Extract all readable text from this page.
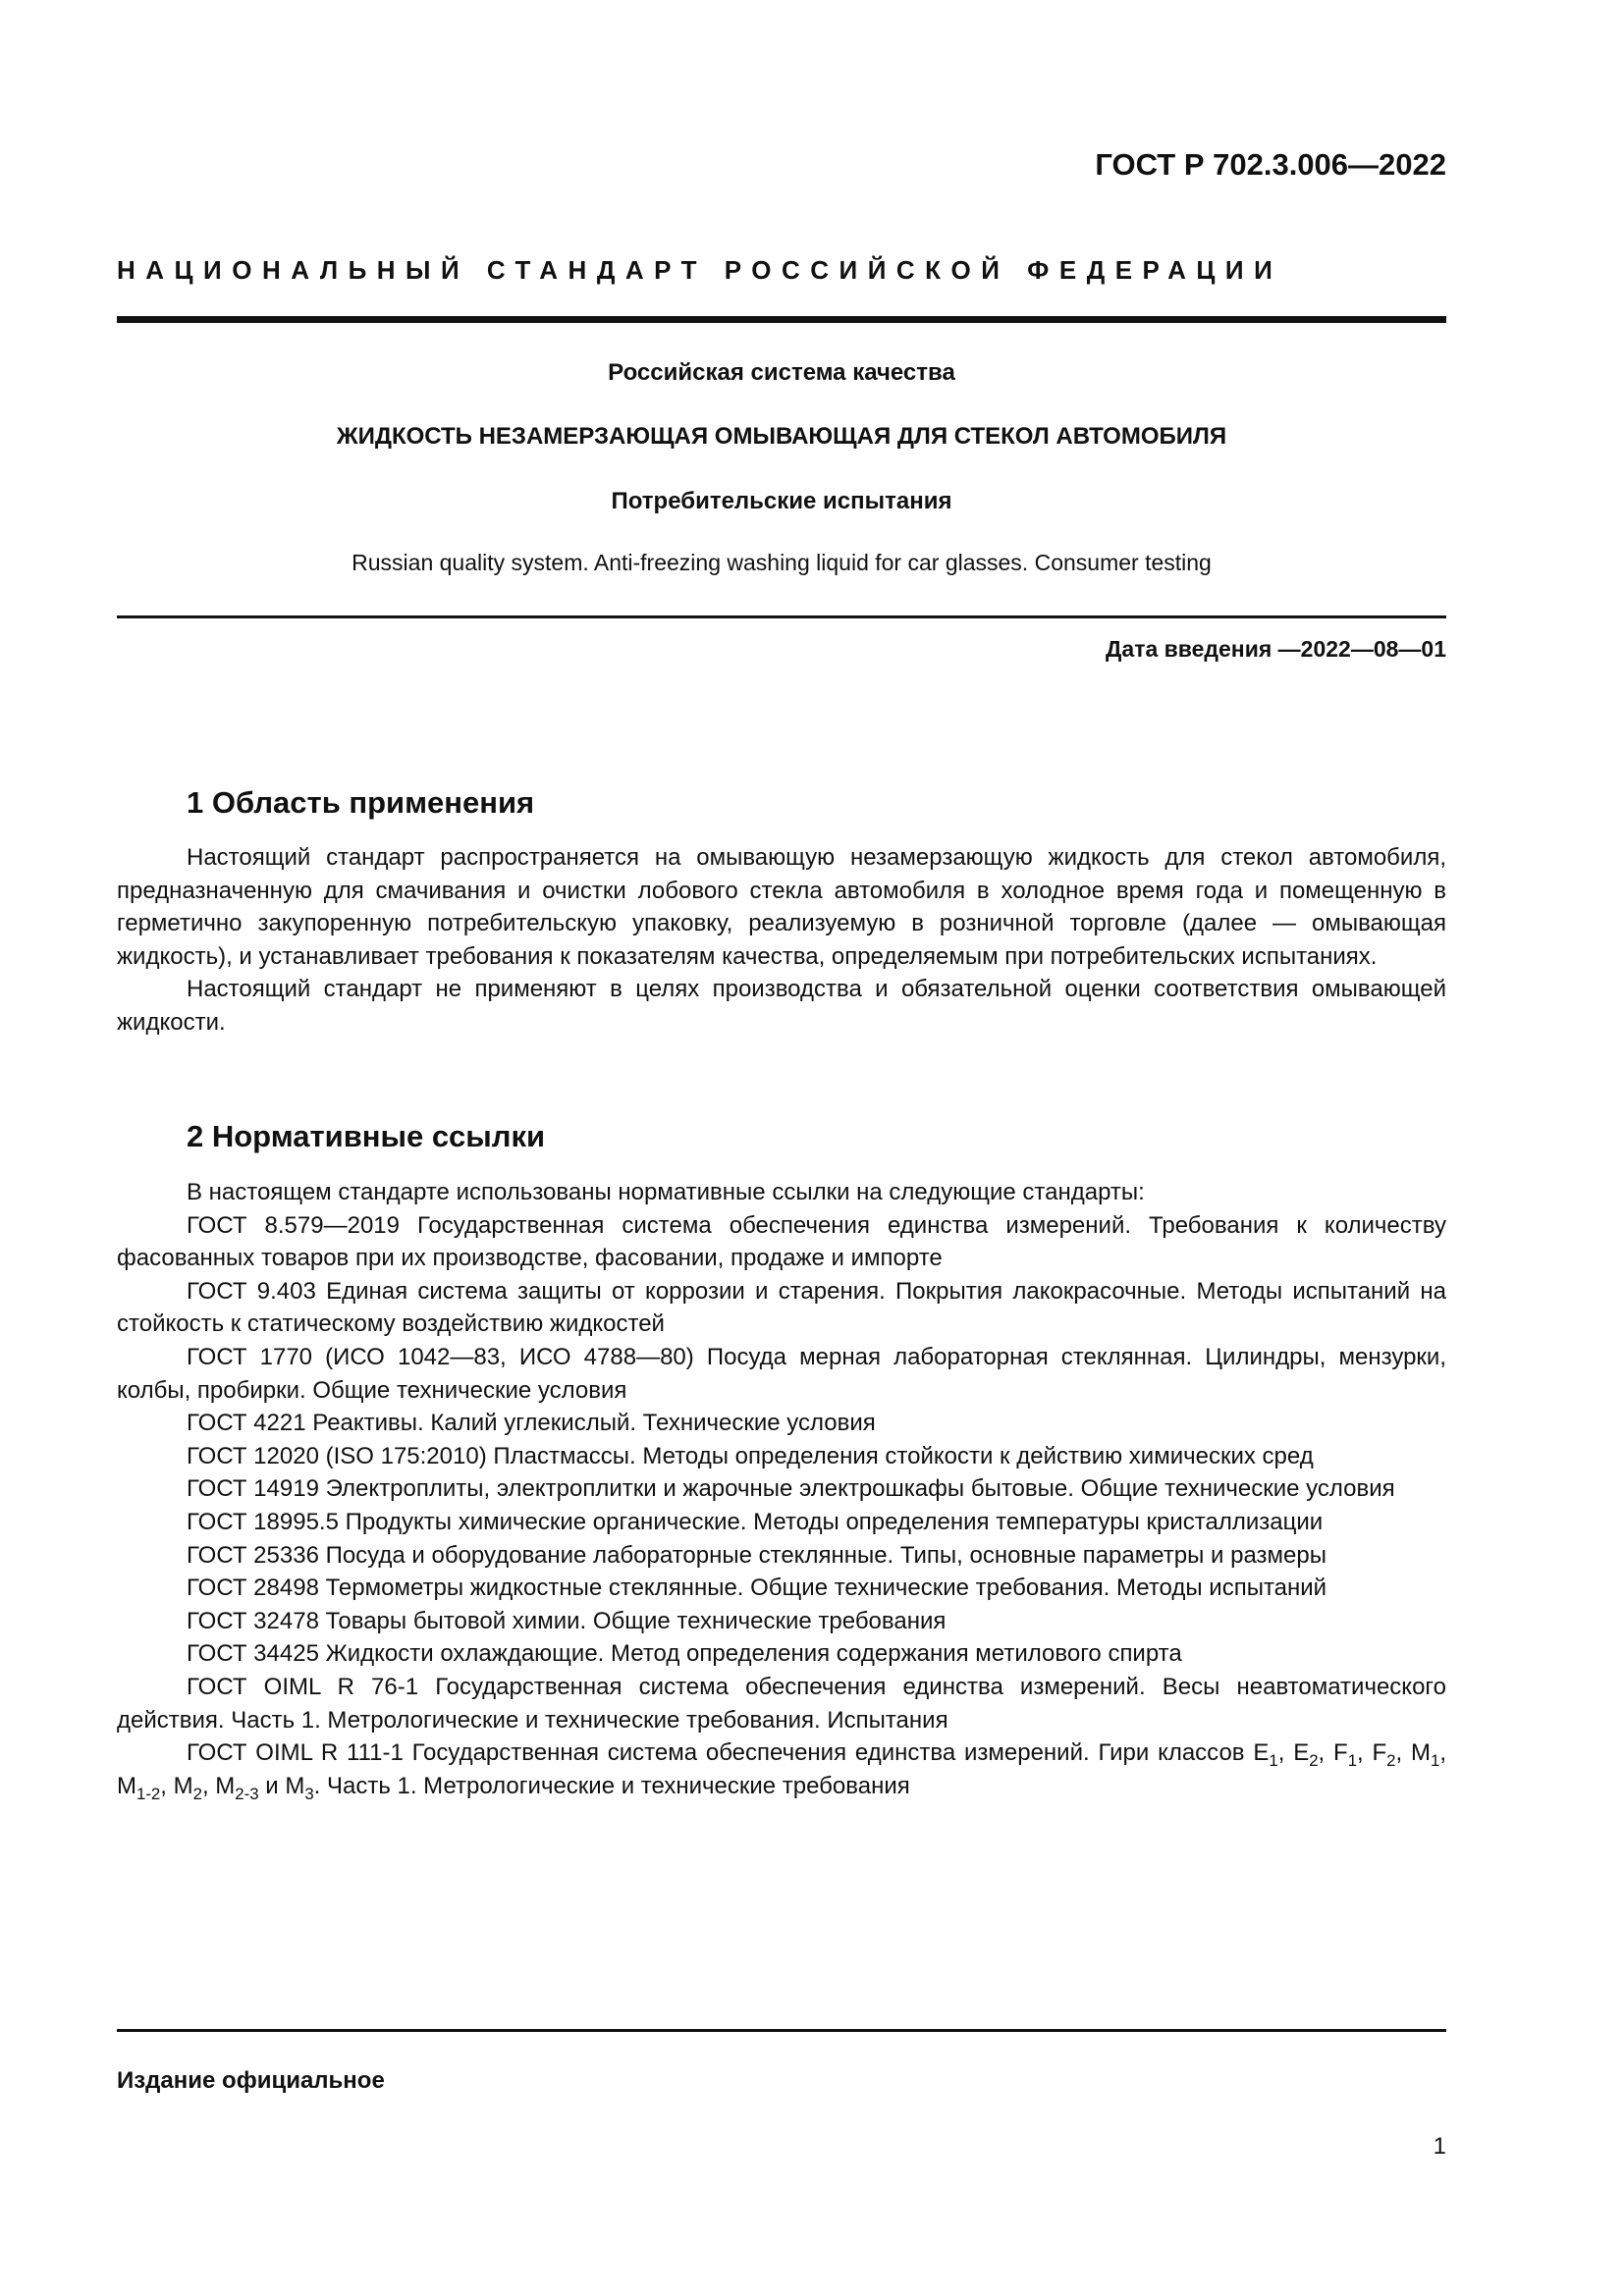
ГОСТ Р 702.3.006—2022
НАЦИОНАЛЬНЫЙ СТАНДАРТ РОССИЙСКОЙ ФЕДЕРАЦИИ
Российская система качества
ЖИДКОСТЬ НЕЗАМЕРЗАЮЩАЯ ОМЫВАЮЩАЯ ДЛЯ СТЕКОЛ АВТОМОБИЛЯ
Потребительские испытания
Russian quality system. Anti-freezing washing liquid for car glasses. Consumer testing
Дата введения —2022—08—01
1 Область применения

Настоящий стандарт распространяется на омывающую незамерзающую жидкость для стекол автомобиля, предназначенную для смачивания и очистки лобового стекла автомобиля в холодное время года и помещенную в герметично закупоренную потребительскую упаковку, реализуемую в розничной торговле (далее — омывающая жидкость), и устанавливает требования к показателям качества, определяемым при потребительских испытаниях.

Настоящий стандарт не применяют в целях производства и обязательной оценки соответствия омывающей жидкости.

2 Нормативные ссылки

В настоящем стандарте использованы нормативные ссылки на следующие стандарты:

ГОСТ 8.579—2019 Государственная система обеспечения единства измерений. Требования к количеству фасованных товаров при их производстве, фасовании, продаже и импорте

ГОСТ 9.403 Единая система защиты от коррозии и старения. Покрытия лакокрасочные. Методы испытаний на стойкость к статическому воздействию жидкостей

ГОСТ 1770 (ИСО 1042—83, ИСО 4788—80) Посуда мерная лабораторная стеклянная. Цилиндры, мензурки, колбы, пробирки. Общие технические условия

ГОСТ 4221 Реактивы. Калий углекислый. Технические условия

ГОСТ 12020 (ISO 175:2010) Пластмассы. Методы определения стойкости к действию химических сред

ГОСТ 14919 Электроплиты, электроплитки и жарочные электрошкафы бытовые. Общие технические условия

ГОСТ 18995.5 Продукты химические органические. Методы определения температуры кристаллизации

ГОСТ 25336 Посуда и оборудование лабораторные стеклянные. Типы, основные параметры и размеры

ГОСТ 28498 Термометры жидкостные стеклянные. Общие технические требования. Методы испытаний

ГОСТ 32478 Товары бытовой химии. Общие технические требования

ГОСТ 34425 Жидкости охлаждающие. Метод определения содержания метилового спирта

ГОСТ OIML R 76-1 Государственная система обеспечения единства измерений. Весы неавтоматического действия. Часть 1. Метрологические и технические требования. Испытания

ГОСТ OIML R 111-1 Государственная система обеспечения единства измерений. Гири классов $E_1$, $E_2$, $F_1$, $F_2$, $M_1$, $M_{1-2}$, $M_2$, $M_{2-3}$ и $M_3$. Часть 1. Метрологические и технические требования

Издание официальное
1
